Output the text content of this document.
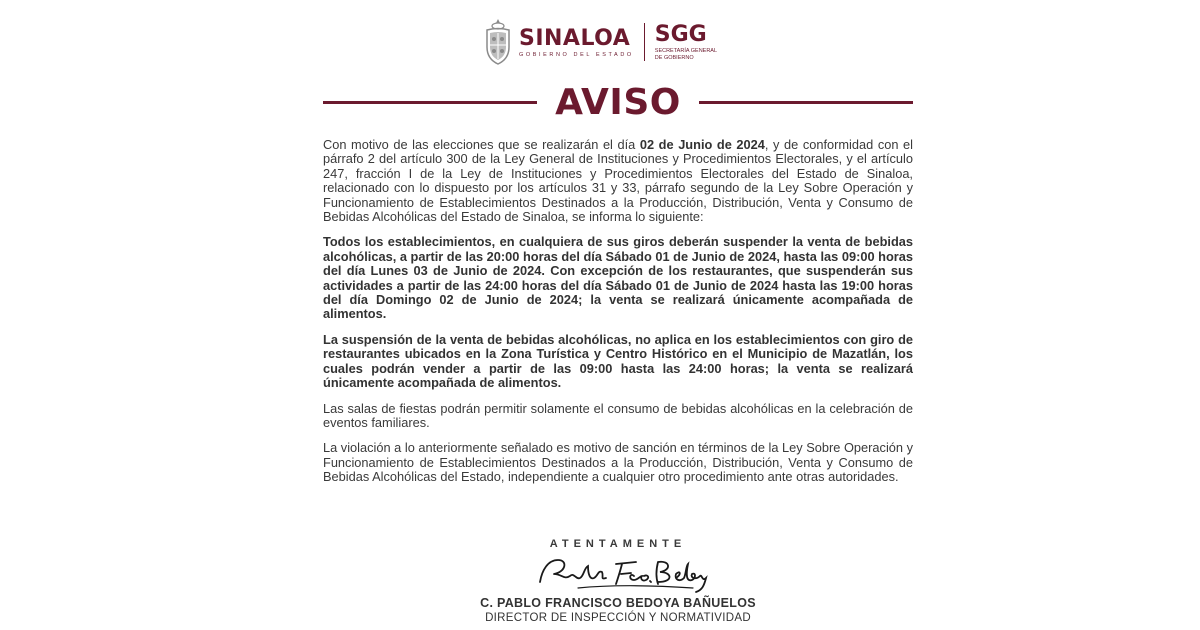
SINALOA
GOBIERNO DEL ESTADO
SGG
SECRETARÍA GENERAL
DE GOBIERNO
AVISO

Con motivo de las elecciones que se realizarán el día 02 de Junio de 2024, y de conformidad con el párrafo 2 del artículo 300 de la Ley General de Instituciones y Procedimientos Electorales, y el artículo 247, fracción I de la Ley de Instituciones y Procedimientos Electorales del Estado de Sinaloa, relacionado con lo dispuesto por los artículos 31 y 33, párrafo segundo de la Ley Sobre Operación y Funcionamiento de Establecimientos Destinados a la Producción, Distribución, Venta y Consumo de Bebidas Alcohólicas del Estado de Sinaloa, se informa lo siguiente:

Todos los establecimientos, en cualquiera de sus giros deberán suspender la venta de bebidas alcohólicas, a partir de las 20:00 horas del día Sábado 01 de Junio de 2024, hasta las 09:00 horas del día Lunes 03 de Junio de 2024. Con excepción de los restaurantes, que suspenderán sus actividades a partir de las 24:00 horas del día Sábado 01 de Junio de 2024 hasta las 19:00 horas del día Domingo 02 de Junio de 2024; la venta se realizará únicamente acompañada de alimentos.

La suspensión de la venta de bebidas alcohólicas, no aplica en los establecimientos con giro de restaurantes ubicados en la Zona Turística y Centro Histórico en el Municipio de Mazatlán, los cuales podrán vender a partir de las 09:00 hasta las 24:00 horas; la venta se realizará únicamente acompañada de alimentos.

Las salas de fiestas podrán permitir solamente el consumo de bebidas alcohólicas en la celebración de eventos familiares.

La violación a lo anteriormente señalado es motivo de sanción en términos de la Ley Sobre Operación y Funcionamiento de Establecimientos Destinados a la Producción, Distribución, Venta y Consumo de Bebidas Alcohólicas del Estado, independiente a cualquier otro procedimiento ante otras autoridades.

ATENTAMENTE
C. PABLO FRANCISCO BEDOYA BAÑUELOS
DIRECTOR DE INSPECCIÓN Y NORMATIVIDAD
